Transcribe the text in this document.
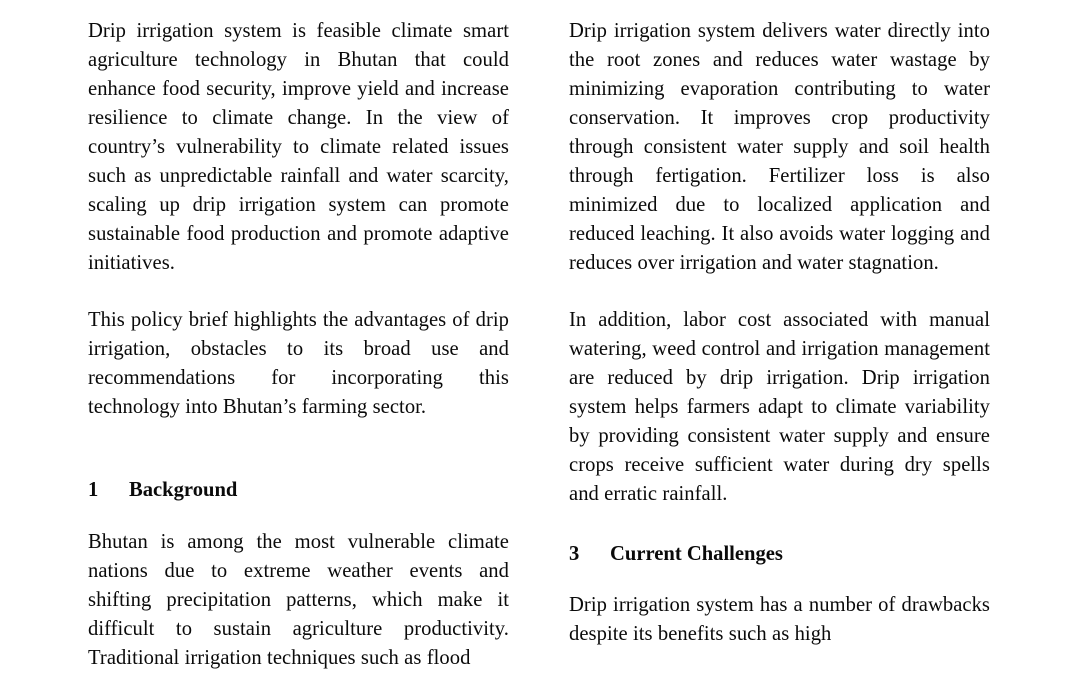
Drip irrigation system is feasible climate smart agriculture technology in Bhutan that could enhance food security, improve yield and increase resilience to climate change. In the view of country’s vulnerability to climate related issues such as unpredictable rainfall and water scarcity, scaling up drip irrigation system can promote sustainable food production and promote adaptive initiatives.

This policy brief highlights the advantages of drip irrigation, obstacles to its broad use and recommendations for incorporating this technology into Bhutan’s farming sector.

1	Background

Bhutan is among the most vulnerable climate nations due to extreme weather events and shifting precipitation patterns, which make it difficult to sustain agriculture productivity. Traditional irrigation techniques such as flood

Drip irrigation system delivers water directly into the root zones and reduces water wastage by minimizing evaporation contributing to water conservation. It improves crop productivity through consistent water supply and soil health through fertigation. Fertilizer loss is also minimized due to localized application and reduced leaching. It also avoids water logging and reduces over irrigation and water stagnation.

In addition, labor cost associated with manual watering, weed control and irrigation management are reduced by drip irrigation. Drip irrigation system helps farmers adapt to climate variability by providing consistent water supply and ensure crops receive sufficient water during dry spells and erratic rainfall.

3	Current Challenges

Drip irrigation system has a number of drawbacks despite its benefits such as high
